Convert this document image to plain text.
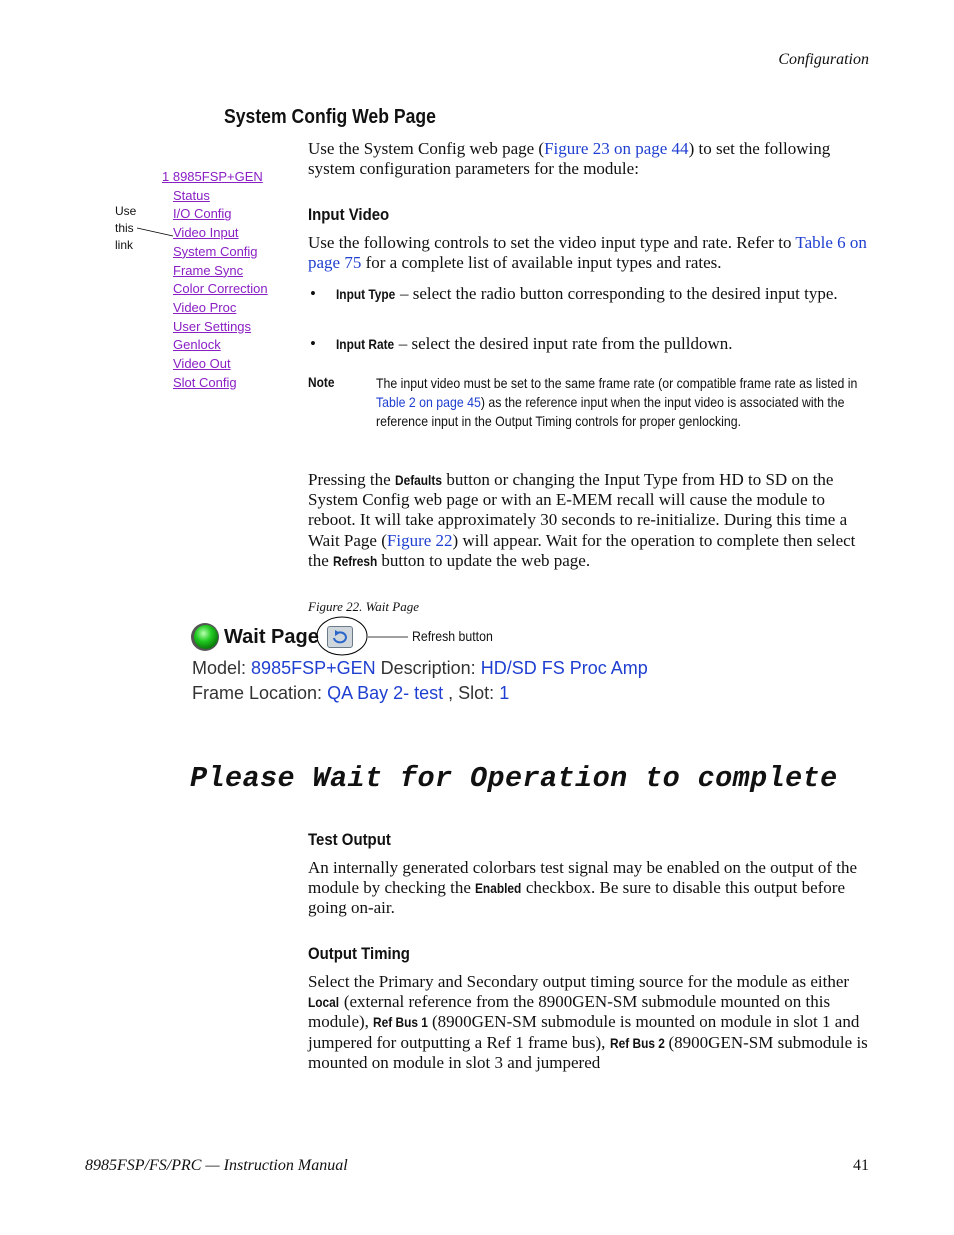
Configuration
System Config Web Page
1 8985FSP+GEN
Status
I/O Config
Video Input
System Config
Frame Sync
Color Correction
Video Proc
User Settings
Genlock
Video Out
Slot Config
Use
this
link
Use the System Config web page (Figure 23 on page 44) to set the following system configuration parameters for the module:
Input Video
Use the following controls to set the video input type and rate. Refer to Table 6 on page 75 for a complete list of available input types and rates.
• Input Type – select the radio button corresponding to the desired input type.
• Input Rate – select the desired input rate from the pulldown.
Note	The input video must be set to the same frame rate (or compatible frame rate as listed in Table 2 on page 45) as the reference input when the input video is associated with the reference input in the Output Timing controls for proper genlocking.
Pressing the Defaults button or changing the Input Type from HD to SD on the System Config web page or with an E-MEM recall will cause the module to reboot. It will take approximately 30 seconds to re-initialize. During this time a Wait Page (Figure 22) will appear. Wait for the operation to complete then select the Refresh button to update the web page.
Figure 22. Wait Page
Wait Page	Refresh button
Model: 8985FSP+GEN Description: HD/SD FS Proc Amp
Frame Location: QA Bay 2- test , Slot: 1
Please Wait for Operation to complete
Test Output
An internally generated colorbars test signal may be enabled on the output of the module by checking the Enabled checkbox. Be sure to disable this output before going on-air.
Output Timing
Select the Primary and Secondary output timing source for the module as either Local (external reference from the 8900GEN-SM submodule mounted on this module), Ref Bus 1 (8900GEN-SM submodule is mounted on module in slot 1 and jumpered for outputting a Ref 1 frame bus), Ref Bus 2 (8900GEN-SM submodule is mounted on module in slot 3 and jumpered
8985FSP/FS/PRC — Instruction Manual	41
